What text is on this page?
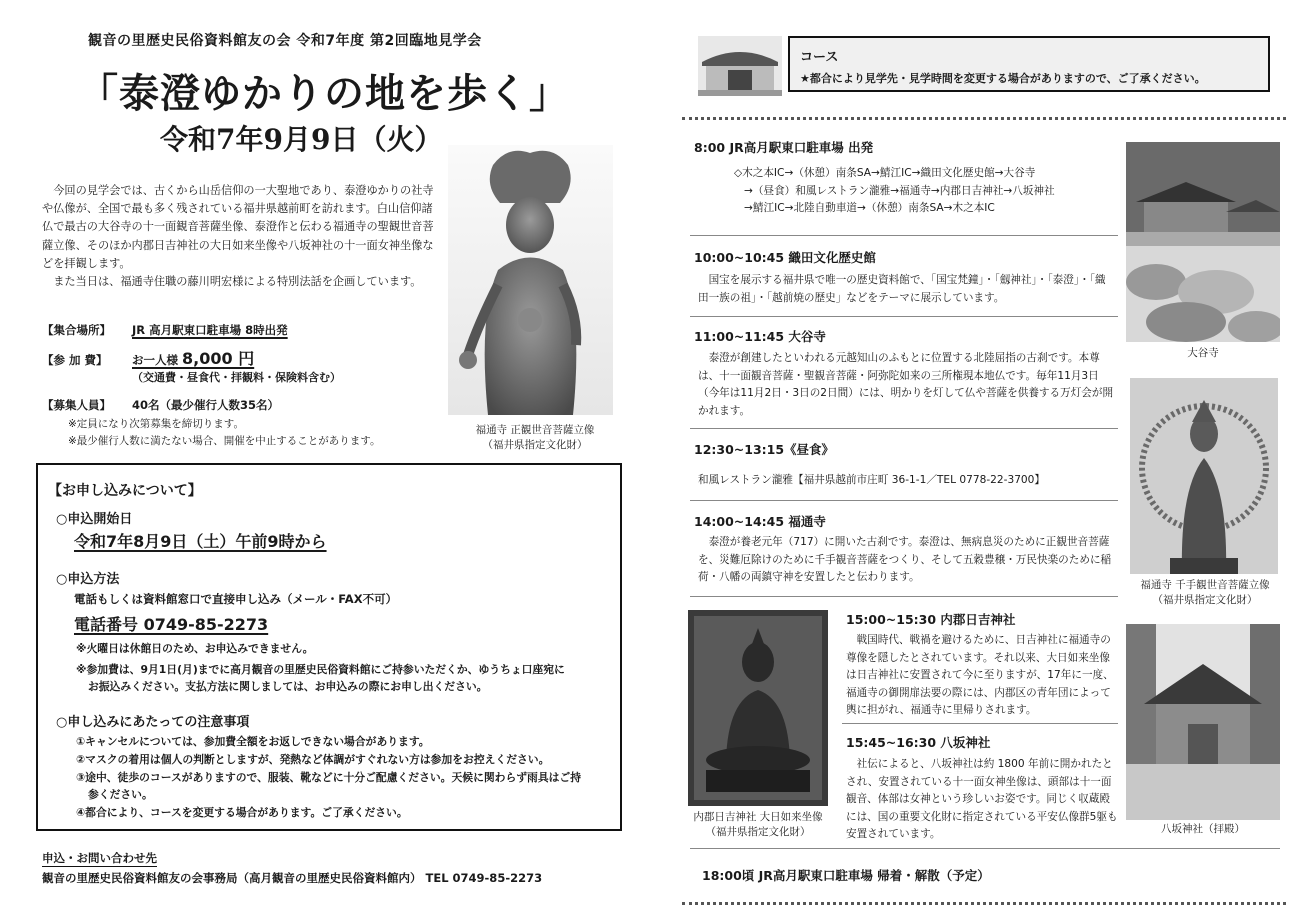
観音の里歴史民俗資料館友の会 令和7年度 第2回臨地見学会
「泰澄ゆかりの地を歩く」
令和7年9月9日（火）

今回の見学会では、古くから山岳信仰の一大聖地であり、泰澄ゆかりの社寺や仏像が、全国で最も多く残されている福井県越前町を訪れます。白山信仰諸仏で最古の大谷寺の十一面観音菩薩坐像、泰澄作と伝わる福通寺の聖観世音菩薩立像、そのほか内郡日吉神社の大日如来坐像や八坂神社の十一面女神坐像などを拝観します。

また当日は、福通寺住職の藤川明宏様による特別法話を企画しています。

福通寺 正観世音菩薩立像
（福井県指定文化財）
【集合場所】 JR 高月駅東口駐車場 8時出発
【参 加 費】 お一人様 8,000 円
（交通費・昼食代・拝観料・保険料含む）
【募集人員】 40名（最少催行人数35名）
※定員になり次第募集を締切ります。
※最少催行人数に満たない場合、開催を中止することがあります。
【お申し込みについて】
○申込開始日
令和7年8月9日（土）午前9時から
○申込方法
電話もしくは資料館窓口で直接申し込み（メール・FAX不可）
電話番号 0749-85-2273
※火曜日は休館日のため、お申込みできません。
※参加費は、9月1日(月)までに高月観音の里歴史民俗資料館にご持参いただくか、ゆうちょ口座宛に
お振込みください。支払方法に関しましては、お申込みの際にお申し出ください。
○申し込みにあたっての注意事項
①キャンセルについては、参加費全額をお返しできない場合があります。
②マスクの着用は個人の判断としますが、発熱など体調がすぐれない方は参加をお控えください。
③途中、徒歩のコースがありますので、服装、靴などに十分ご配慮ください。天候に関わらず雨具はご持
参ください。
④都合により、コースを変更する場合があります。ご了承ください。
申込・お問い合わせ先
観音の里歴史民俗資料館友の会事務局（高月観音の里歴史民俗資料館内） TEL 0749-85-2273
コース
★都合により見学先・見学時間を変更する場合がありますので、ご了承ください。
8:00 JR高月駅東口駐車場 出発
◇木之本IC→（休憩）南条SA→鯖江IC→織田文化歴史館→大谷寺
→（昼食）和風レストラン瀧雅→福通寺→内郡日吉神社→八坂神社
→鯖江IC→北陸自動車道→（休憩）南条SA→木之本IC
10:00~10:45 織田文化歴史館
国宝を展示する福井県で唯一の歴史資料館で、「国宝梵鐘」・「劔神社」・「泰澄」・「織田一族の祖」・「越前焼の歴史」などをテーマに展示しています。
11:00~11:45 大谷寺
泰澄が創建したといわれる元越知山のふもとに位置する北陸屈指の古刹です。本尊は、十一面観音菩薩・聖観音菩薩・阿弥陀如来の三所権現本地仏です。毎年11月3日（今年は11月2日・3日の2日間）には、明かりを灯して仏や菩薩を供養する万灯会が開かれます。
12:30~13:15《昼食》
和風レストラン瀧雅【福井県越前市庄町 36-1-1／TEL 0778-22-3700】
14:00~14:45 福通寺
泰澄が養老元年（717）に開いた古刹です。泰澄は、無病息災のために正観世音菩薩を、災難厄除けのために千手観音菩薩をつくり、そして五穀豊穣・万民快楽のために稲荷・八幡の両鎮守神を安置したと伝わります。
内郡日吉神社 大日如来坐像
（福井県指定文化財）
15:00~15:30 内郡日吉神社
戦国時代、戦禍を避けるために、日吉神社に福通寺の尊像を隠したとされています。それ以来、大日如来坐像は日吉神社に安置されて今に至りますが、17年に一度、福通寺の御開扉法要の際には、内郡区の青年団によって輿に担がれ、福通寺に里帰りされます。
15:45~16:30 八坂神社
社伝によると、八坂神社は約 1800 年前に開かれたとされ、安置されている十一面女神坐像は、頭部は十一面観音、体部は女神という珍しいお姿です。同じく収蔵殿には、国の重要文化財に指定されている平安仏像群5躯も安置されています。
18:00頃 JR高月駅東口駐車場 帰着・解散（予定）
大谷寺
福通寺 千手観世音菩薩立像
（福井県指定文化財）
八坂神社（拝殿）
